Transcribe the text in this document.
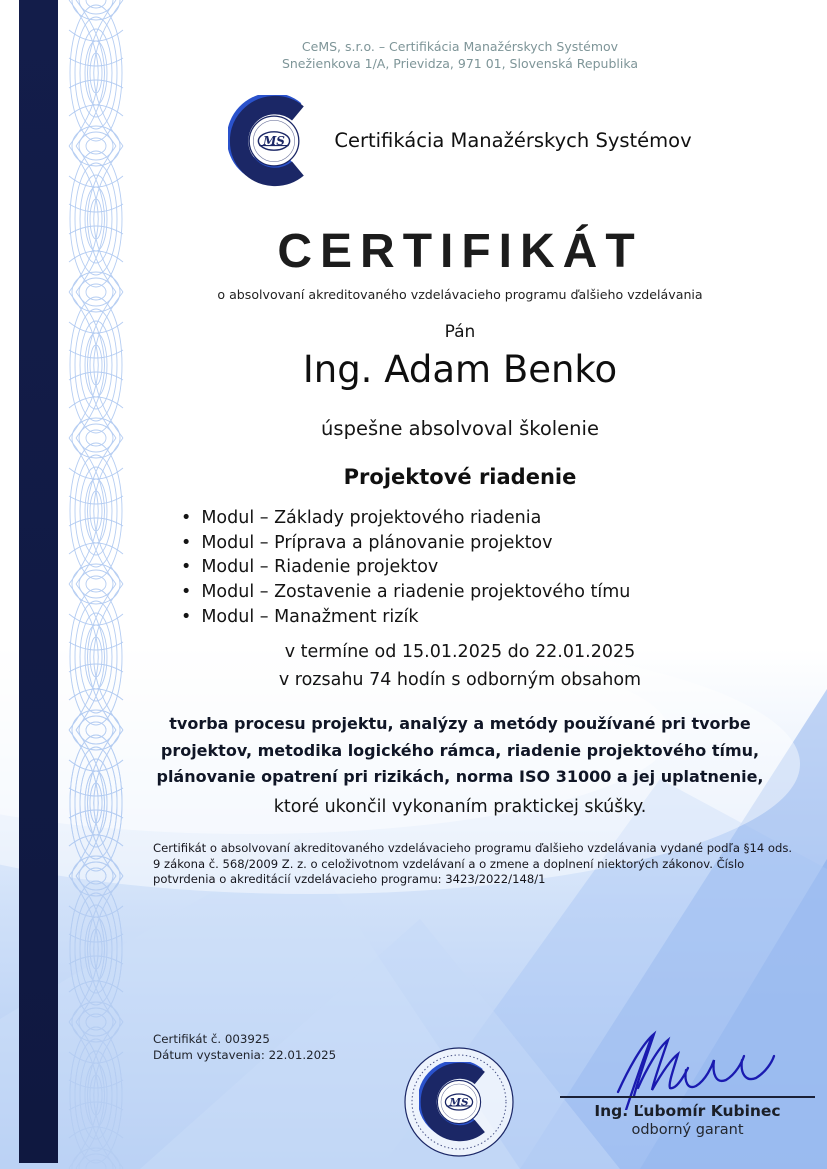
CeMS, s.r.o. – Certifikácia Manažérskych Systémov
Snežienkova 1/A, Prievidza, 971 01, Slovenská Republika
Certifikácia Manažérskych Systémov
CERTIFIKÁT
o absolvovaní akreditovaného vzdelávacieho programu ďalšieho vzdelávania
Pán
Ing. Adam Benko
úspešne absolvoval školenie
Projektové riadenie
• Modul – Základy projektového riadenia
• Modul – Príprava a plánovanie projektov
• Modul – Riadenie projektov
• Modul – Zostavenie a riadenie projektového tímu
• Modul – Manažment rizík
v termíne od 15.01.2025 do 22.01.2025
v rozsahu 74 hodín s odborným obsahom
tvorba procesu projektu, analýzy a metódy používané pri tvorbe
projektov, metodika logického rámca, riadenie projektového tímu,
plánovanie opatrení pri rizikách, norma ISO 31000 a jej uplatnenie,
ktoré ukončil vykonaním praktickej skúšky.
Certifikát o absolvovaní akreditovaného vzdelávacieho programu ďalšieho vzdelávania vydané podľa §14 ods. 9 zákona č. 568/2009 Z. z. o celoživotnom vzdelávaní a o zmene a doplnení niektorých zákonov. Číslo potvrdenia o akreditácií vzdelávacieho programu: 3423/2022/148/1
Certifikát č. 003925
Dátum vystavenia: 22.01.2025
Ing. Ľubomír Kubinec
odborný garant
